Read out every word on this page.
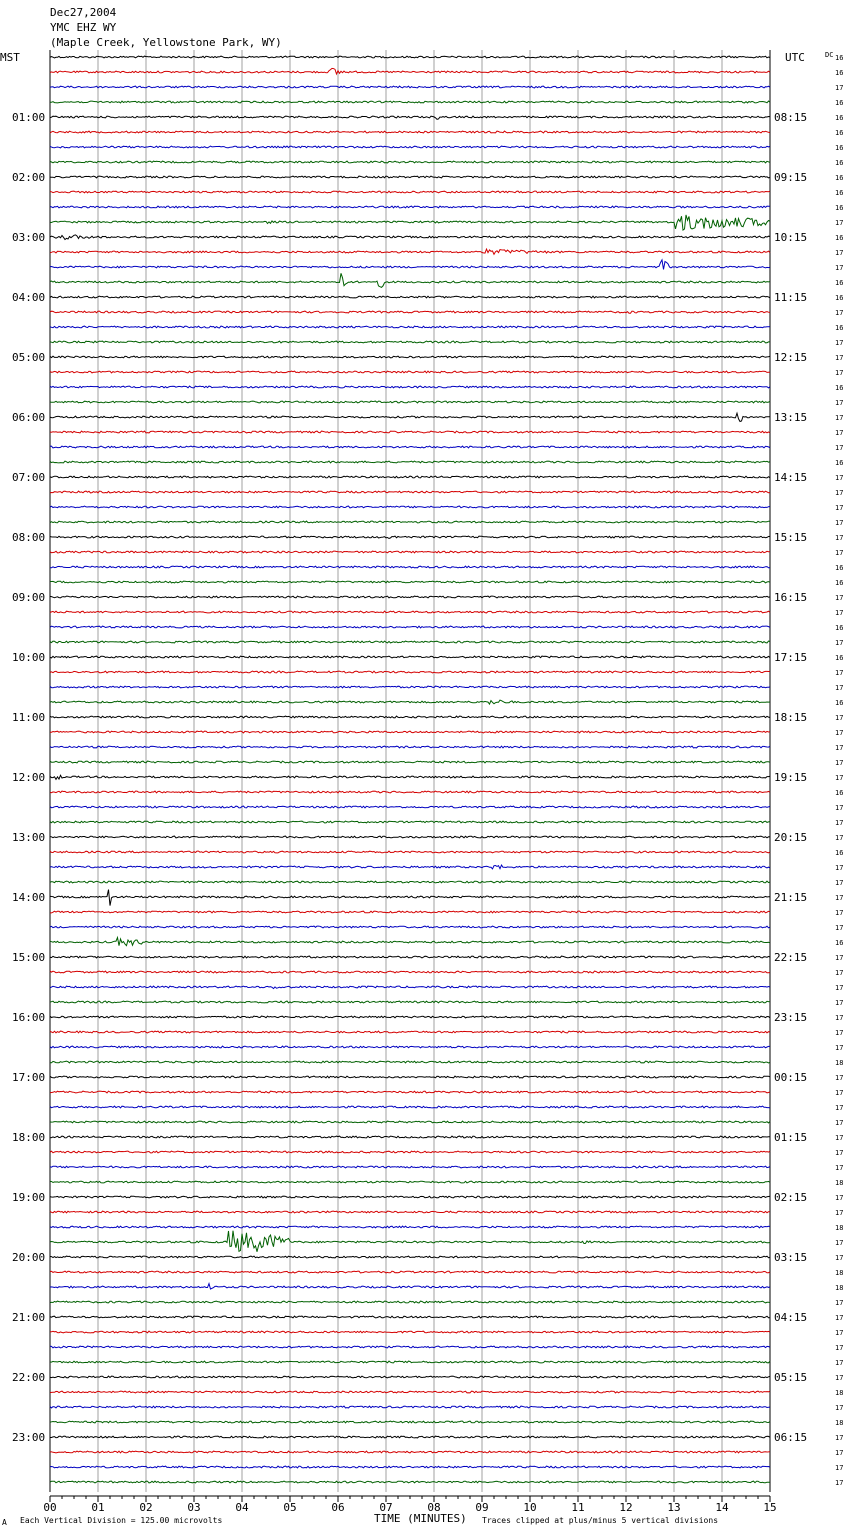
Dec27,2004
YMC EHZ WY
(Maple Creek, Yellowstone Park, WY)
MST	UTC	DC
01:00
02:00
03:00
04:00
05:00
06:00
07:00
08:00
09:00
10:00
11:00
12:00
13:00
14:00
15:00
16:00
17:00
18:00
19:00
20:00
21:00
22:00
23:00
08:15
09:15
10:15
11:15
12:15
13:15
14:15
15:15
16:15
17:15
18:15
19:15
20:15
21:15
22:15
23:15
00:15
01:15
02:15
03:15
04:15
05:15
06:15
16
16
17
16
16
16
16
16
16
16
16
17
16
17
17
16
16
17
16
17
17
17
16
17
17
17
17
16
17
17
17
17
17
17
16
16
17
17
16
17
16
17
17
16
17
17
17
17
17
16
17
17
17
16
17
17
17
17
17
16
17
17
17
17
17
17
17
18
17
17
17
17
17
17
17
18
17
17
18
17
17
18
18
17
17
17
17
17
17
18
17
18
17
17
17
17
00	01	02	03	04	05	06	07	08	09	10	11	12	13	14	15
A Each Vertical Division = 125.00 microvolts	TIME (MINUTES) Traces clipped at plus/minus 5 vertical divisions
